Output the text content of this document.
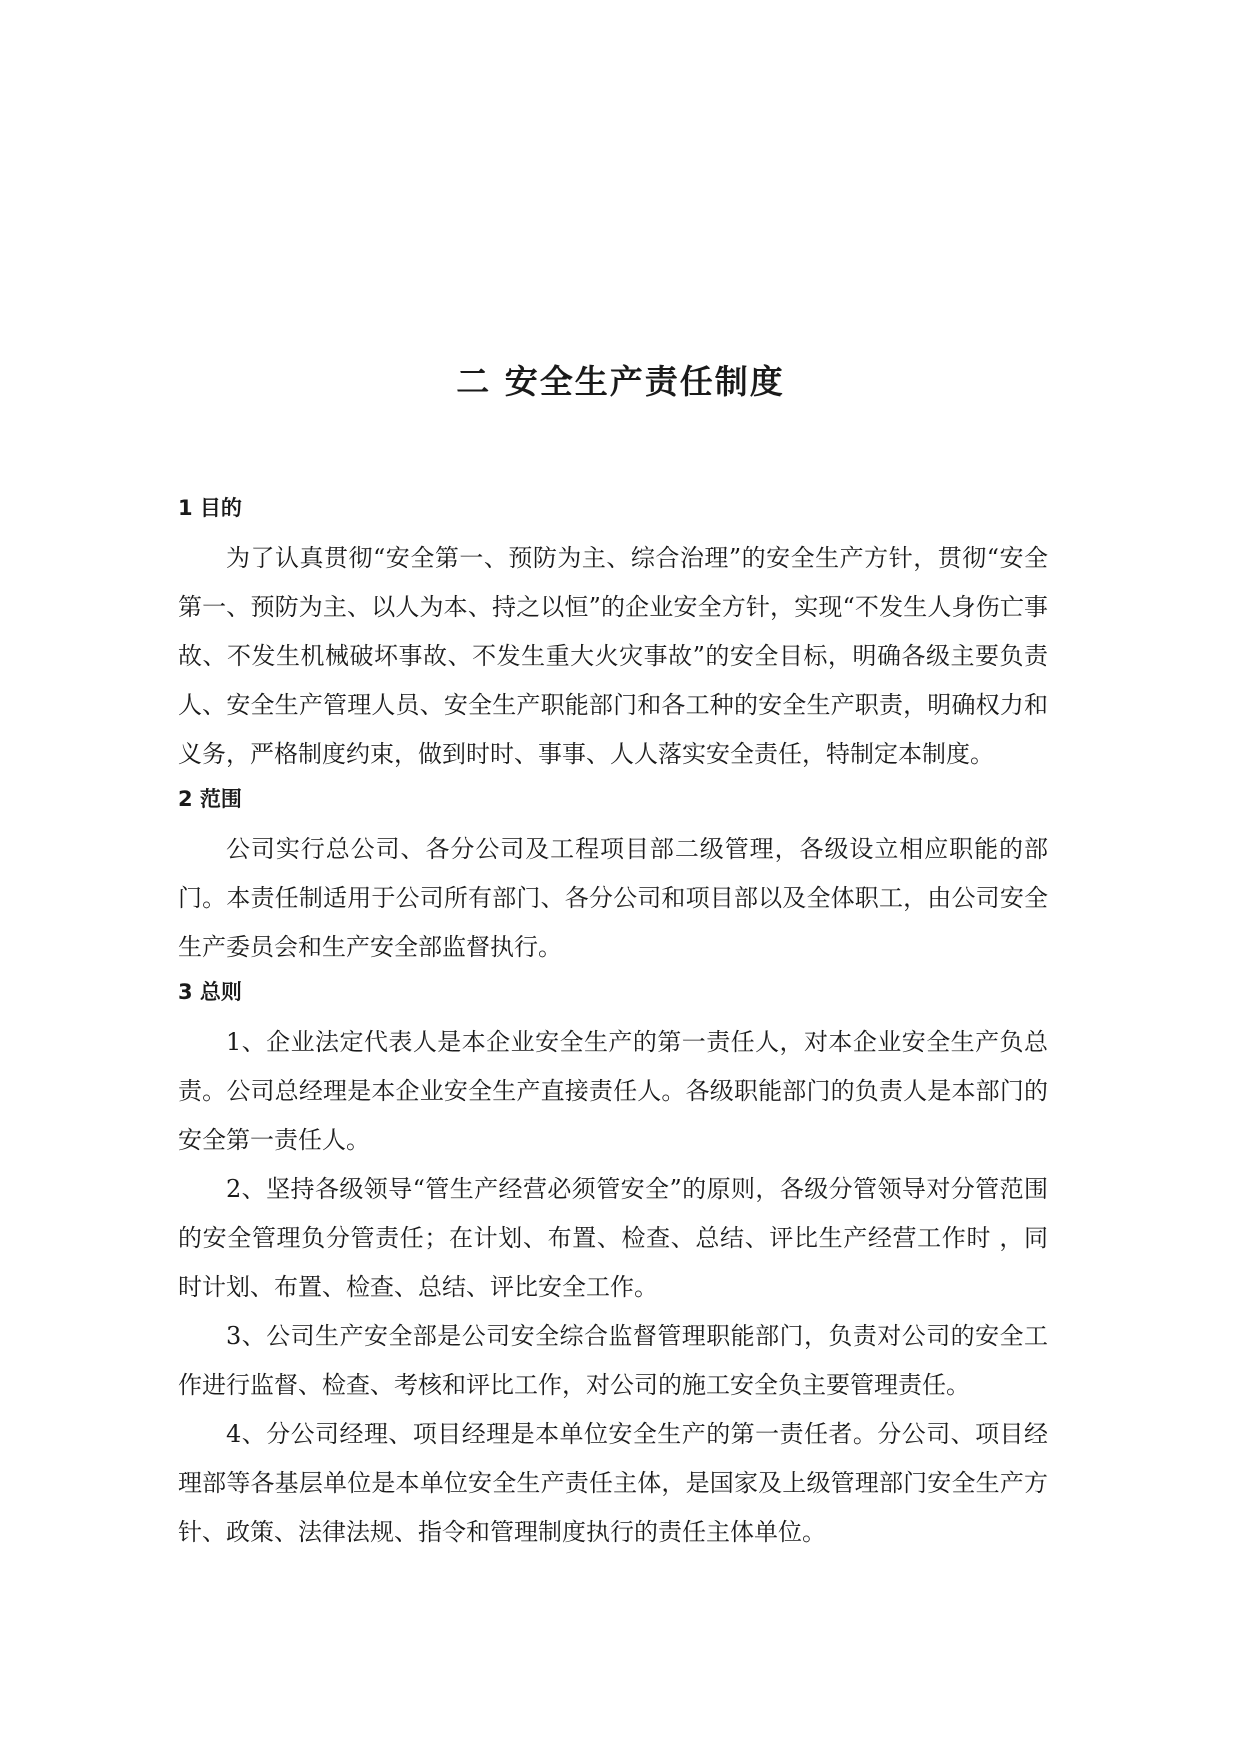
二 安全生产责任制度
1 目的

为了认真贯彻“安全第一、预防为主、综合治理”的安全生产方针，贯彻“安全第一、预防为主、以人为本、持之以恒”的企业安全方针，实现“不发生人身伤亡事故、不发生机械破坏事故、不发生重大火灾事故”的安全目标，明确各级主要负责人、安全生产管理人员、安全生产职能部门和各工种的安全生产职责，明确权力和义务，严格制度约束，做到时时、事事、人人落实安全责任，特制定本制度。

2 范围

公司实行总公司、各分公司及工程项目部二级管理，各级设立相应职能的部门。本责任制适用于公司所有部门、各分公司和项目部以及全体职工，由公司安全生产委员会和生产安全部监督执行。

3 总则

1、企业法定代表人是本企业安全生产的第一责任人，对本企业安全生产负总责。公司总经理是本企业安全生产直接责任人。各级职能部门的负责人是本部门的安全第一责任人。

2、坚持各级领导“管生产经营必须管安全”的原则，各级分管领导对分管范围的安全管理负分管责任；在计划、布置、检查、总结、评比生产经营工作时 ，同时计划、布置、检查、总结、评比安全工作。

3、公司生产安全部是公司安全综合监督管理职能部门，负责对公司的安全工作进行监督、检查、考核和评比工作，对公司的施工安全负主要管理责任。

4、分公司经理、项目经理是本单位安全生产的第一责任者。分公司、项目经理部等各基层单位是本单位安全生产责任主体，是国家及上级管理部门安全生产方针、政策、法律法规、指令和管理制度执行的责任主体单位。
